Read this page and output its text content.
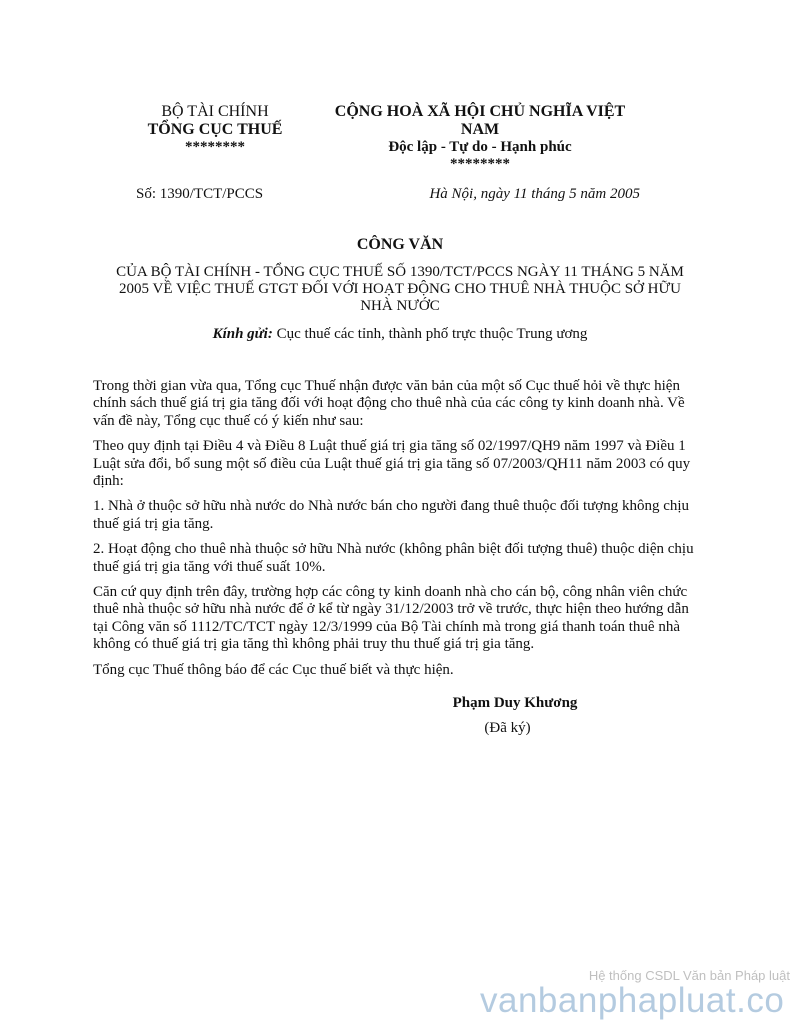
BỘ TÀI CHÍNH
TỔNG CỤC THUẾ
********
CỘNG HOÀ XÃ HỘI CHỦ NGHĨA VIỆT
NAM
Độc lập - Tự do - Hạnh phúc
********
Số: 1390/TCT/PCCS	Hà Nội, ngày 11 tháng 5 năm 2005
CÔNG VĂN
CỦA BỘ TÀI CHÍNH - TỔNG CỤC THUẾ SỐ 1390/TCT/PCCS NGÀY 11 THÁNG 5 NĂM
2005 VỀ VIỆC THUẾ GTGT ĐỐI VỚI HOẠT ĐỘNG CHO THUÊ NHÀ THUỘC SỞ HỮU
NHÀ NƯỚC
Kính gửi: Cục thuế các tỉnh, thành phố trực thuộc Trung ương

Trong thời gian vừa qua, Tổng cục Thuế nhận được văn bản của một số Cục thuế hỏi về thực hiện chính sách thuế giá trị gia tăng đối với hoạt động cho thuê nhà của các công ty kinh doanh nhà. Về vấn đề này, Tổng cục thuế có ý kiến như sau:

Theo quy định tại Điều 4 và Điều 8 Luật thuế giá trị gia tăng số 02/1997/QH9 năm 1997 và Điều 1 Luật sửa đổi, bổ sung một số điều của Luật thuế giá trị gia tăng số 07/2003/QH11 năm 2003 có quy định:

1. Nhà ở thuộc sở hữu nhà nước do Nhà nước bán cho người đang thuê thuộc đối tượng không chịu thuế giá trị gia tăng.

2. Hoạt động cho thuê nhà thuộc sở hữu Nhà nước (không phân biệt đối tượng thuê) thuộc diện chịu thuế giá trị gia tăng với thuế suất 10%.

Căn cứ quy định trên đây, trường hợp các công ty kinh doanh nhà cho cán bộ, công nhân viên chức thuê nhà thuộc sở hữu nhà nước để ở kể từ ngày 31/12/2003 trở về trước, thực hiện theo hướng dẫn tại Công văn số 1112/TC/TCT ngày 12/3/1999 của Bộ Tài chính mà trong giá thanh toán thuê nhà không có thuế giá trị gia tăng thì không phải truy thu thuế giá trị gia tăng.

Tổng cục Thuế thông báo để các Cục thuế biết và thực hiện.

Phạm Duy Khương
(Đã ký)
Hệ thống CSDL Văn bản Pháp luật
vanbanphapluat.co
